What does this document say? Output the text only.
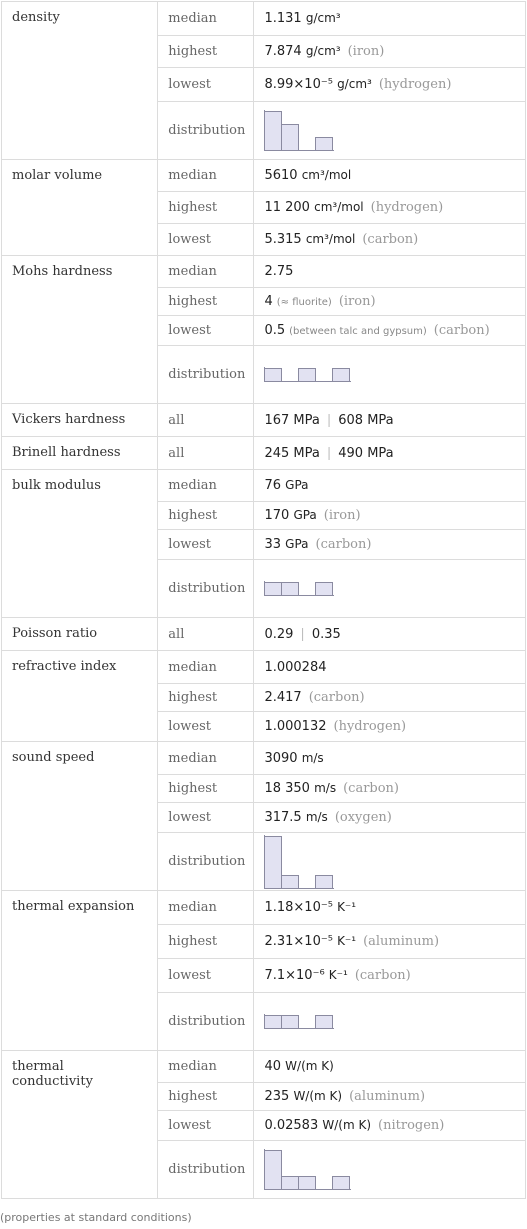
density	median	1.131 g/cm³
	highest	7.874 g/cm³ (iron)
	lowest	8.99×10⁻⁵ g/cm³ (hydrogen)
	distribution	

molar volume	median	5610 cm³/mol
	highest	11 200 cm³/mol (hydrogen)
	lowest	5.315 cm³/mol (carbon)
Mohs hardness	median	2.75
	highest	4 (≈ fluorite) (iron)
	lowest	0.5 (between talc and gypsum) (carbon)
	distribution	

Vickers hardness	all	167 MPa | 608 MPa
Brinell hardness	all	245 MPa | 490 MPa
bulk modulus	median	76 GPa
	highest	170 GPa (iron)
	lowest	33 GPa (carbon)
	distribution	

Poisson ratio	all	0.29 | 0.35
refractive index	median	1.000284
	highest	2.417 (carbon)
	lowest	1.000132 (hydrogen)
sound speed	median	3090 m/s
	highest	18 350 m/s (carbon)
	lowest	317.5 m/s (oxygen)
	distribution	

thermal expansion	median	1.18×10⁻⁵ K⁻¹
	highest	2.31×10⁻⁵ K⁻¹ (aluminum)
	lowest	7.1×10⁻⁶ K⁻¹ (carbon)
	distribution	

thermal conductivity	median	40 W/(m K)
	highest	235 W/(m K) (aluminum)
	lowest	0.02583 W/(m K) (nitrogen)
	distribution	
(properties at standard conditions)
